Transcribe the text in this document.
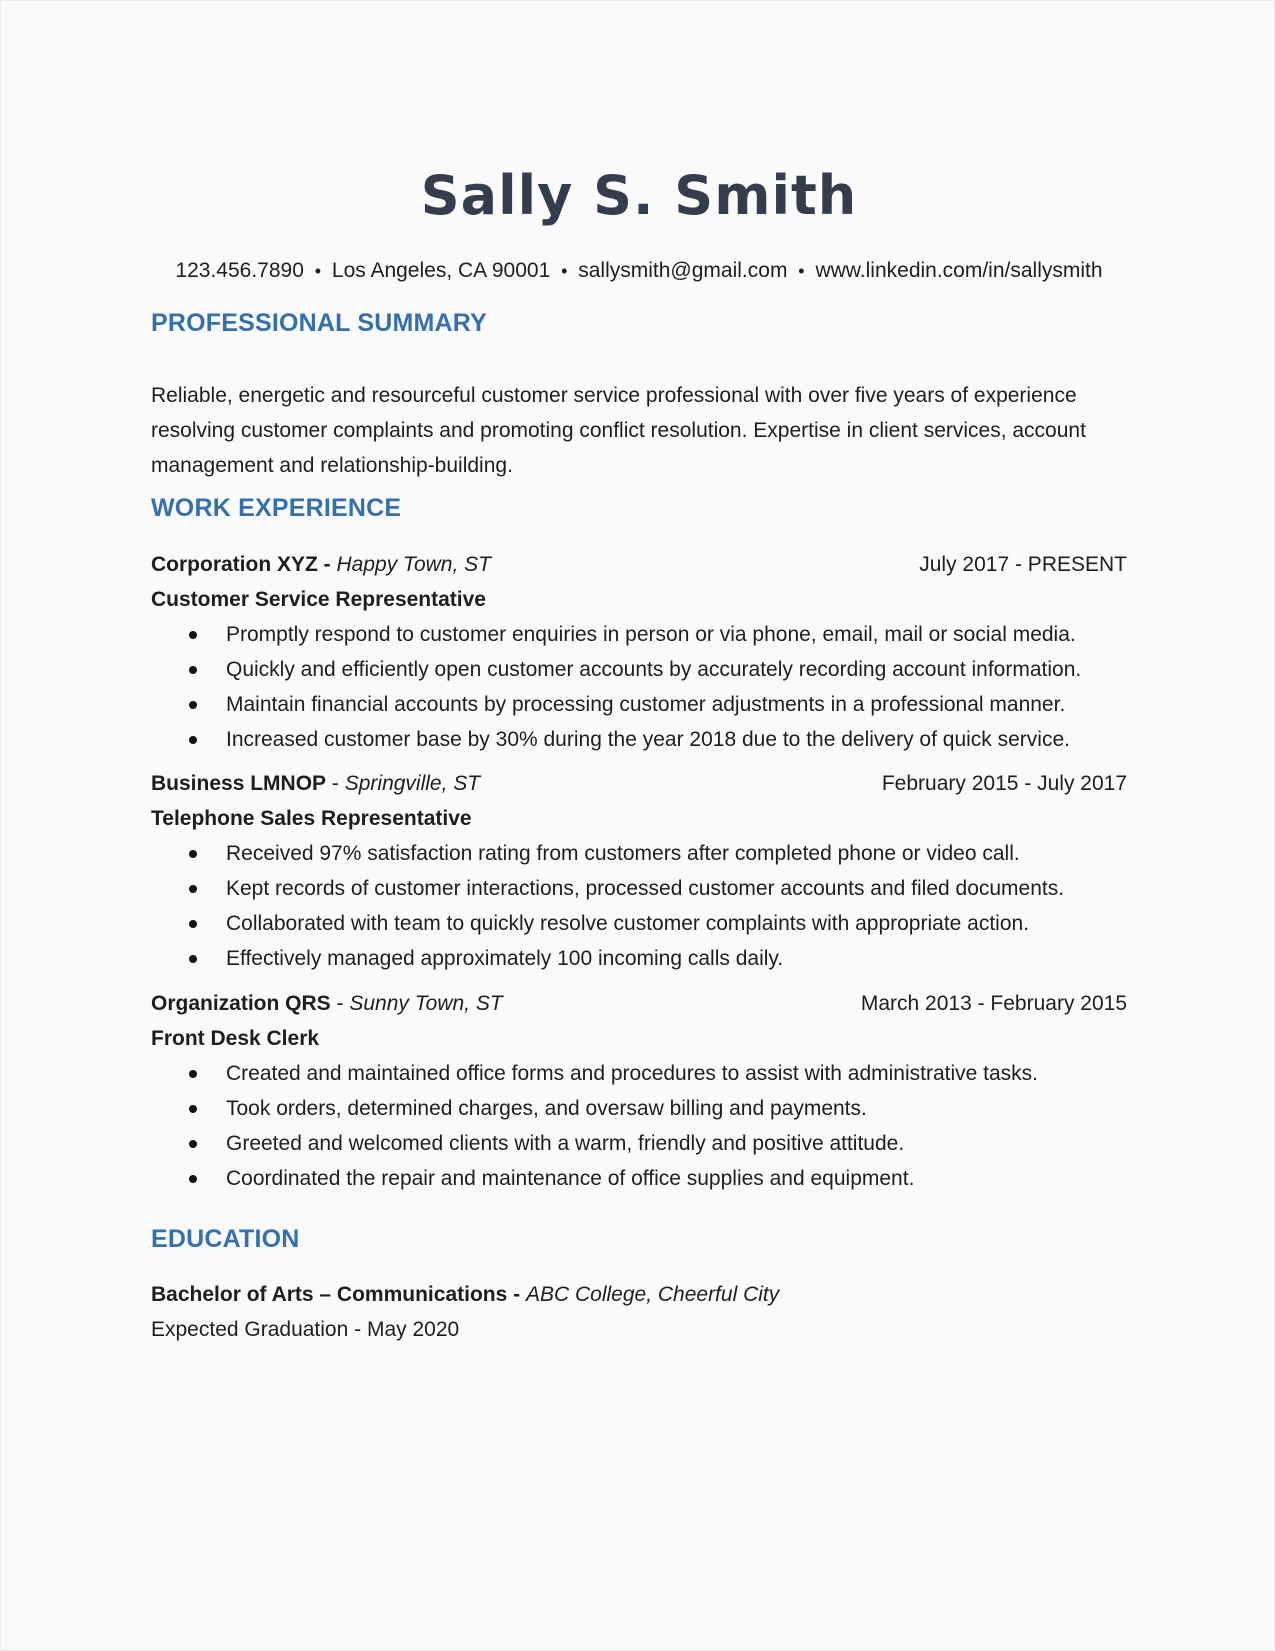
Sally S. Smith
123.456.7890 • Los Angeles, CA 90001 • sallysmith@gmail.com • www.linkedin.com/in/sallysmith
PROFESSIONAL SUMMARY

Reliable, energetic and resourceful customer service professional with over five years of experience resolving customer complaints and promoting conflict resolution. Expertise in client services, account management and relationship-building.

WORK EXPERIENCE
Corporation XYZ - Happy Town, ST	July 2017 - PRESENT
Customer Service Representative
Promptly respond to customer enquiries in person or via phone, email, mail or social media.
Quickly and efficiently open customer accounts by accurately recording account information.
Maintain financial accounts by processing customer adjustments in a professional manner.
Increased customer base by 30% during the year 2018 due to the delivery of quick service.
Business LMNOP - Springville, ST	February 2015 - July 2017
Telephone Sales Representative
Received 97% satisfaction rating from customers after completed phone or video call.
Kept records of customer interactions, processed customer accounts and filed documents.
Collaborated with team to quickly resolve customer complaints with appropriate action.
Effectively managed approximately 100 incoming calls daily.
Organization QRS - Sunny Town, ST	March 2013 - February 2015
Front Desk Clerk
Created and maintained office forms and procedures to assist with administrative tasks.
Took orders, determined charges, and oversaw billing and payments.
Greeted and welcomed clients with a warm, friendly and positive attitude.
Coordinated the repair and maintenance of office supplies and equipment.
EDUCATION
Bachelor of Arts – Communications - ABC College, Cheerful City
Expected Graduation - May 2020
